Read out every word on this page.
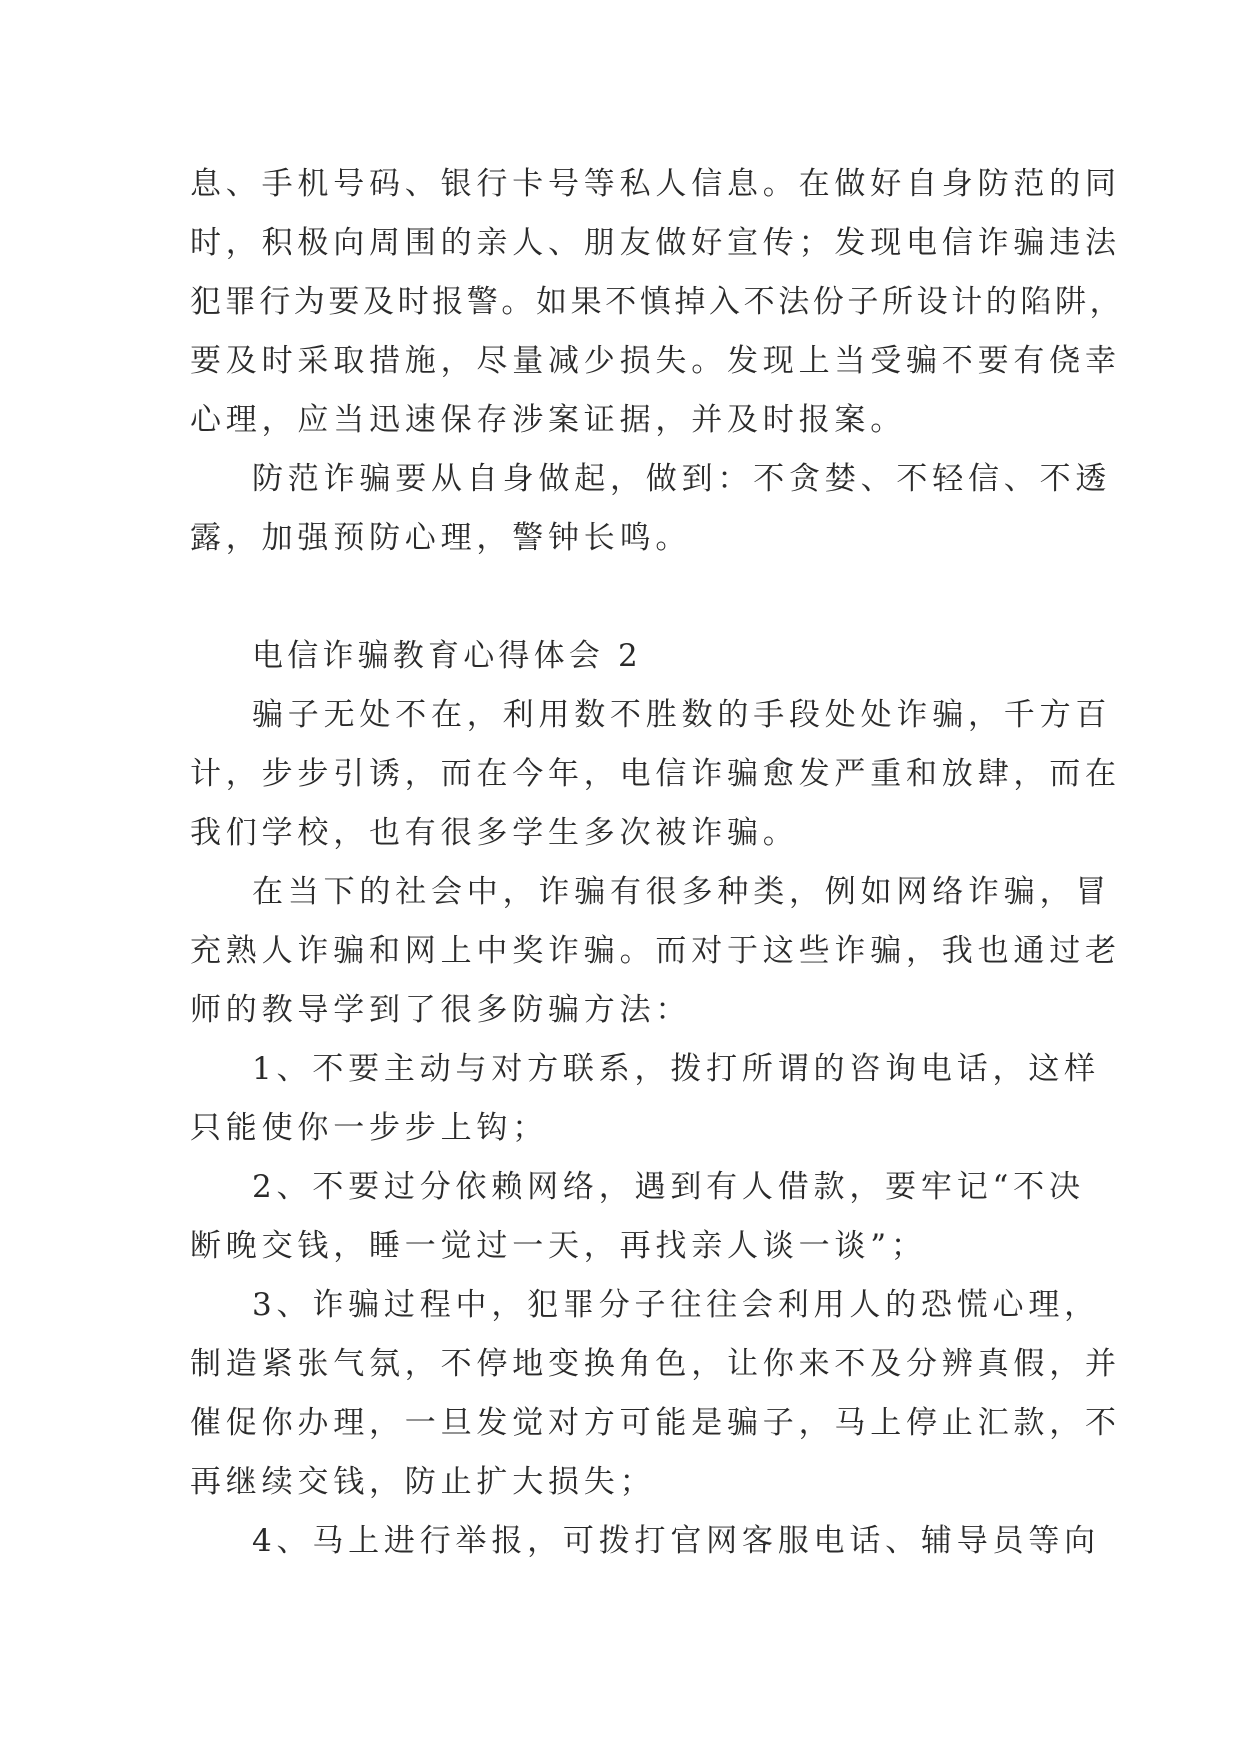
息、手机号码、银行卡号等私人信息。在做好自身防范的同
时，积极向周围的亲人、朋友做好宣传；发现电信诈骗违法
犯罪行为要及时报警。如果不慎掉入不法份子所设计的陷阱，
要及时采取措施，尽量减少损失。发现上当受骗不要有侥幸
心理，应当迅速保存涉案证据，并及时报案。
防范诈骗要从自身做起，做到：不贪婪、不轻信、不透
露，加强预防心理，警钟长鸣。
电信诈骗教育心得体会 2
骗子无处不在，利用数不胜数的手段处处诈骗，千方百
计，步步引诱，而在今年，电信诈骗愈发严重和放肆，而在
我们学校，也有很多学生多次被诈骗。
在当下的社会中，诈骗有很多种类，例如网络诈骗，冒
充熟人诈骗和网上中奖诈骗。而对于这些诈骗，我也通过老
师的教导学到了很多防骗方法：
1、不要主动与对方联系，拨打所谓的咨询电话，这样
只能使你一步步上钩；
2、不要过分依赖网络，遇到有人借款，要牢记“不决
断晚交钱，睡一觉过一天，再找亲人谈一谈”；
3、诈骗过程中，犯罪分子往往会利用人的恐慌心理，
制造紧张气氛，不停地变换角色，让你来不及分辨真假，并
催促你办理，一旦发觉对方可能是骗子，马上停止汇款，不
再继续交钱，防止扩大损失；
4、马上进行举报，可拨打官网客服电话、辅导员等向
